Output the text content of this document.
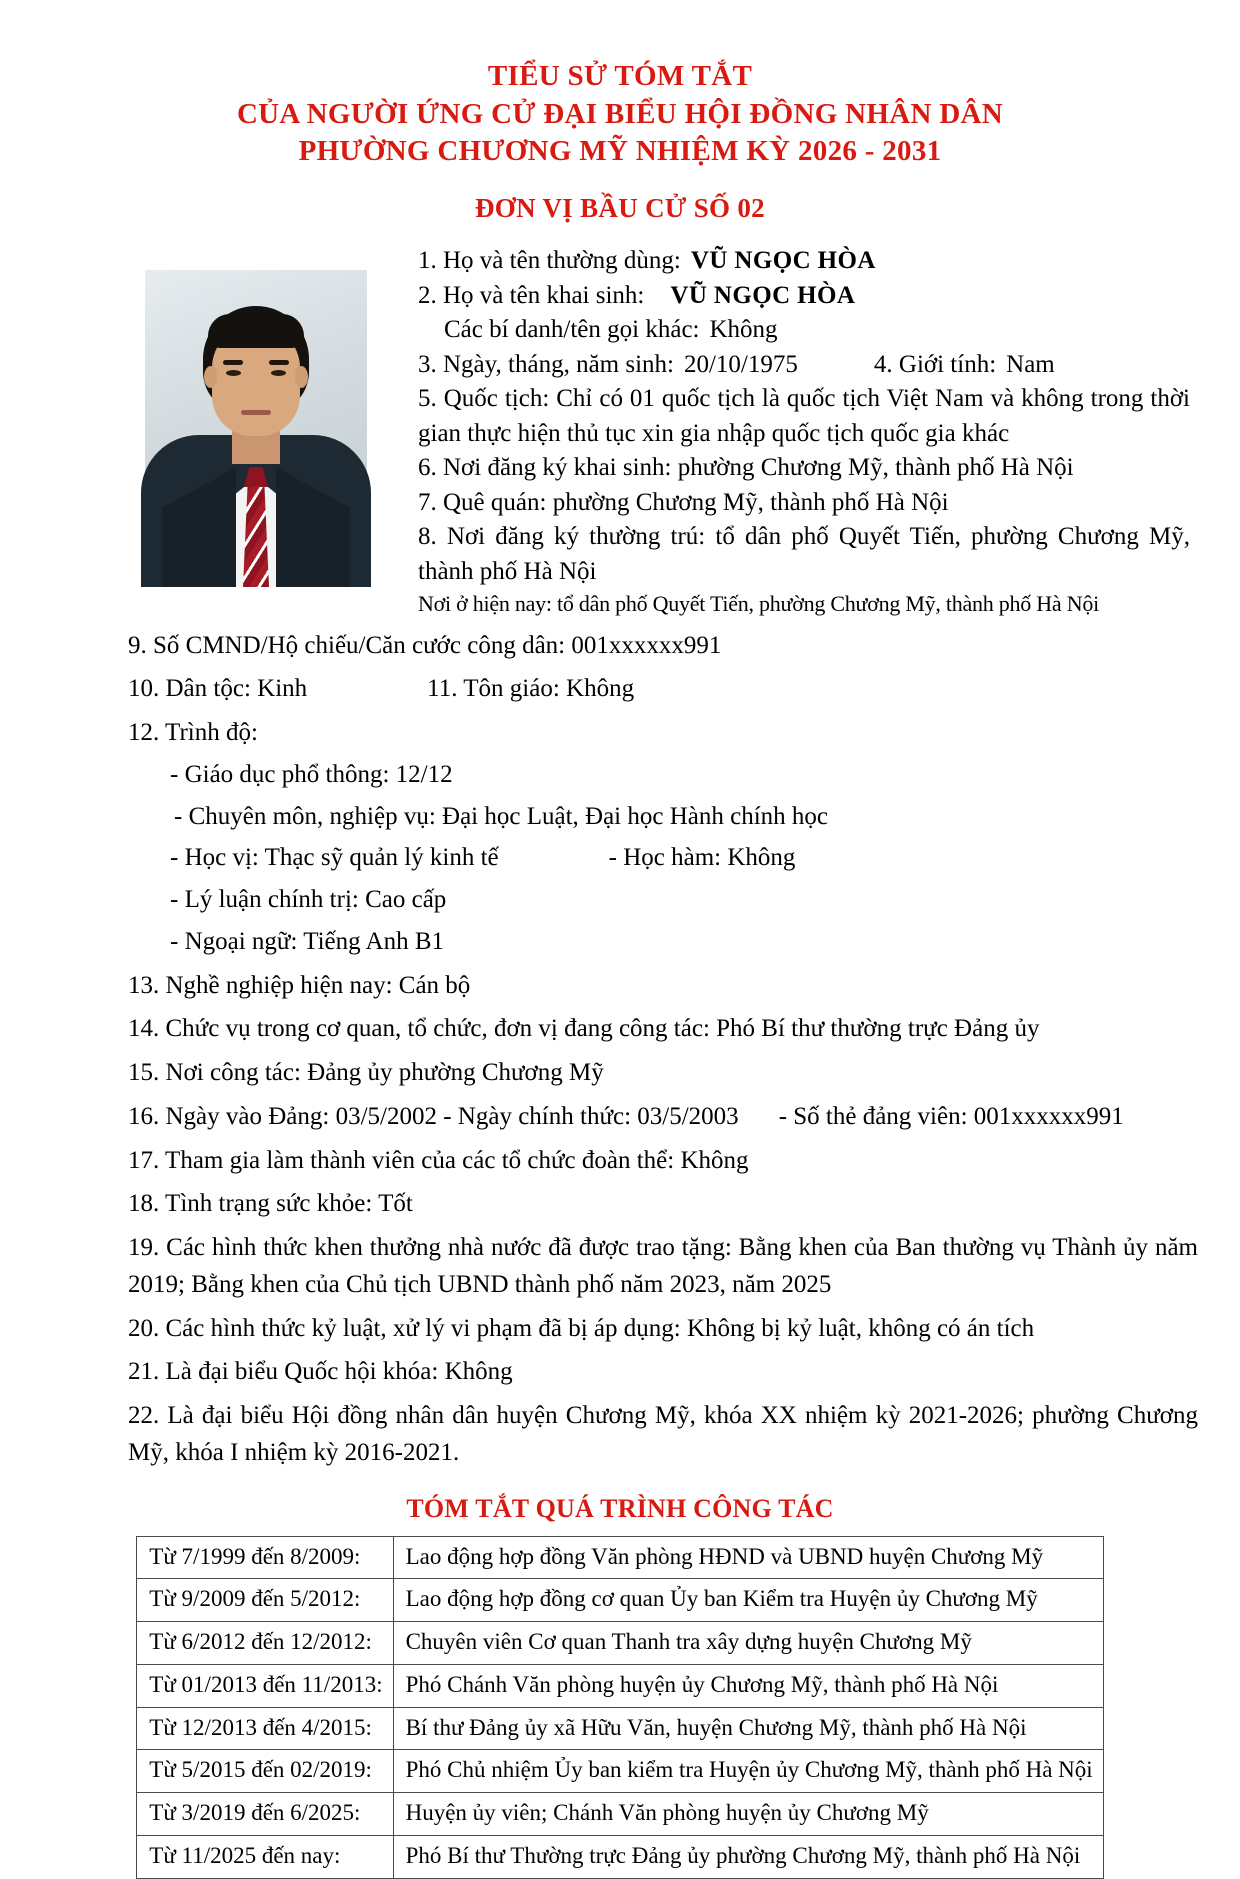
TIỂU SỬ TÓM TẮT
CỦA NGƯỜI ỨNG CỬ ĐẠI BIỂU HỘI ĐỒNG NHÂN DÂN
PHƯỜNG CHƯƠNG MỸ NHIỆM KỲ 2026 - 2031
ĐƠN VỊ BẦU CỬ SỐ 02
1. Họ và tên thường dùng: VŨ NGỌC HÒA
2. Họ và tên khai sinh: VŨ NGỌC HÒA
Các bí danh/tên gọi khác: Không
3. Ngày, tháng, năm sinh: 20/10/1975	4. Giới tính: Nam
5. Quốc tịch: Chỉ có 01 quốc tịch là quốc tịch Việt Nam và không trong thời gian thực hiện thủ tục xin gia nhập quốc tịch quốc gia khác
6. Nơi đăng ký khai sinh: phường Chương Mỹ, thành phố Hà Nội
7. Quê quán: phường Chương Mỹ, thành phố Hà Nội
8. Nơi đăng ký thường trú: tổ dân phố Quyết Tiến, phường Chương Mỹ, thành phố Hà Nội
Nơi ở hiện nay: tổ dân phố Quyết Tiến, phường Chương Mỹ, thành phố Hà Nội
9. Số CMND/Hộ chiếu/Căn cước công dân: 001xxxxxx991
10. Dân tộc: Kinh	11. Tôn giáo: Không
12. Trình độ:
- Giáo dục phổ thông: 12/12
- Chuyên môn, nghiệp vụ: Đại học Luật, Đại học Hành chính học
- Học vị: Thạc sỹ quản lý kinh tế	- Học hàm: Không
- Lý luận chính trị: Cao cấp
- Ngoại ngữ: Tiếng Anh B1
13. Nghề nghiệp hiện nay: Cán bộ
14. Chức vụ trong cơ quan, tổ chức, đơn vị đang công tác: Phó Bí thư thường trực Đảng ủy
15. Nơi công tác: Đảng ủy phường Chương Mỹ
16. Ngày vào Đảng: 03/5/2002 - Ngày chính thức: 03/5/2003 - Số thẻ đảng viên: 001xxxxxx991
17. Tham gia làm thành viên của các tổ chức đoàn thể: Không
18. Tình trạng sức khỏe: Tốt
19. Các hình thức khen thưởng nhà nước đã được trao tặng: Bằng khen của Ban thường vụ Thành ủy năm 2019; Bằng khen của Chủ tịch UBND thành phố năm 2023, năm 2025
20. Các hình thức kỷ luật, xử lý vi phạm đã bị áp dụng: Không bị kỷ luật, không có án tích
21. Là đại biểu Quốc hội khóa: Không
22. Là đại biểu Hội đồng nhân dân huyện Chương Mỹ, khóa XX nhiệm kỳ 2021-2026; phường Chương Mỹ, khóa I nhiệm kỳ 2016-2021.
TÓM TẮT QUÁ TRÌNH CÔNG TÁC
Từ 7/1999 đến 8/2009:	Lao động hợp đồng Văn phòng HĐND và UBND huyện Chương Mỹ
Từ 9/2009 đến 5/2012:	Lao động hợp đồng cơ quan Ủy ban Kiểm tra Huyện ủy Chương Mỹ
Từ 6/2012 đến 12/2012:	Chuyên viên Cơ quan Thanh tra xây dựng huyện Chương Mỹ
Từ 01/2013 đến 11/2013:	Phó Chánh Văn phòng huyện ủy Chương Mỹ, thành phố Hà Nội
Từ 12/2013 đến 4/2015:	Bí thư Đảng ủy xã Hữu Văn, huyện Chương Mỹ, thành phố Hà Nội
Từ 5/2015 đến 02/2019:	Phó Chủ nhiệm Ủy ban kiểm tra Huyện ủy Chương Mỹ, thành phố Hà Nội
Từ 3/2019 đến 6/2025:	Huyện ủy viên; Chánh Văn phòng huyện ủy Chương Mỹ
Từ 11/2025 đến nay:	Phó Bí thư Thường trực Đảng ủy phường Chương Mỹ, thành phố Hà Nội
